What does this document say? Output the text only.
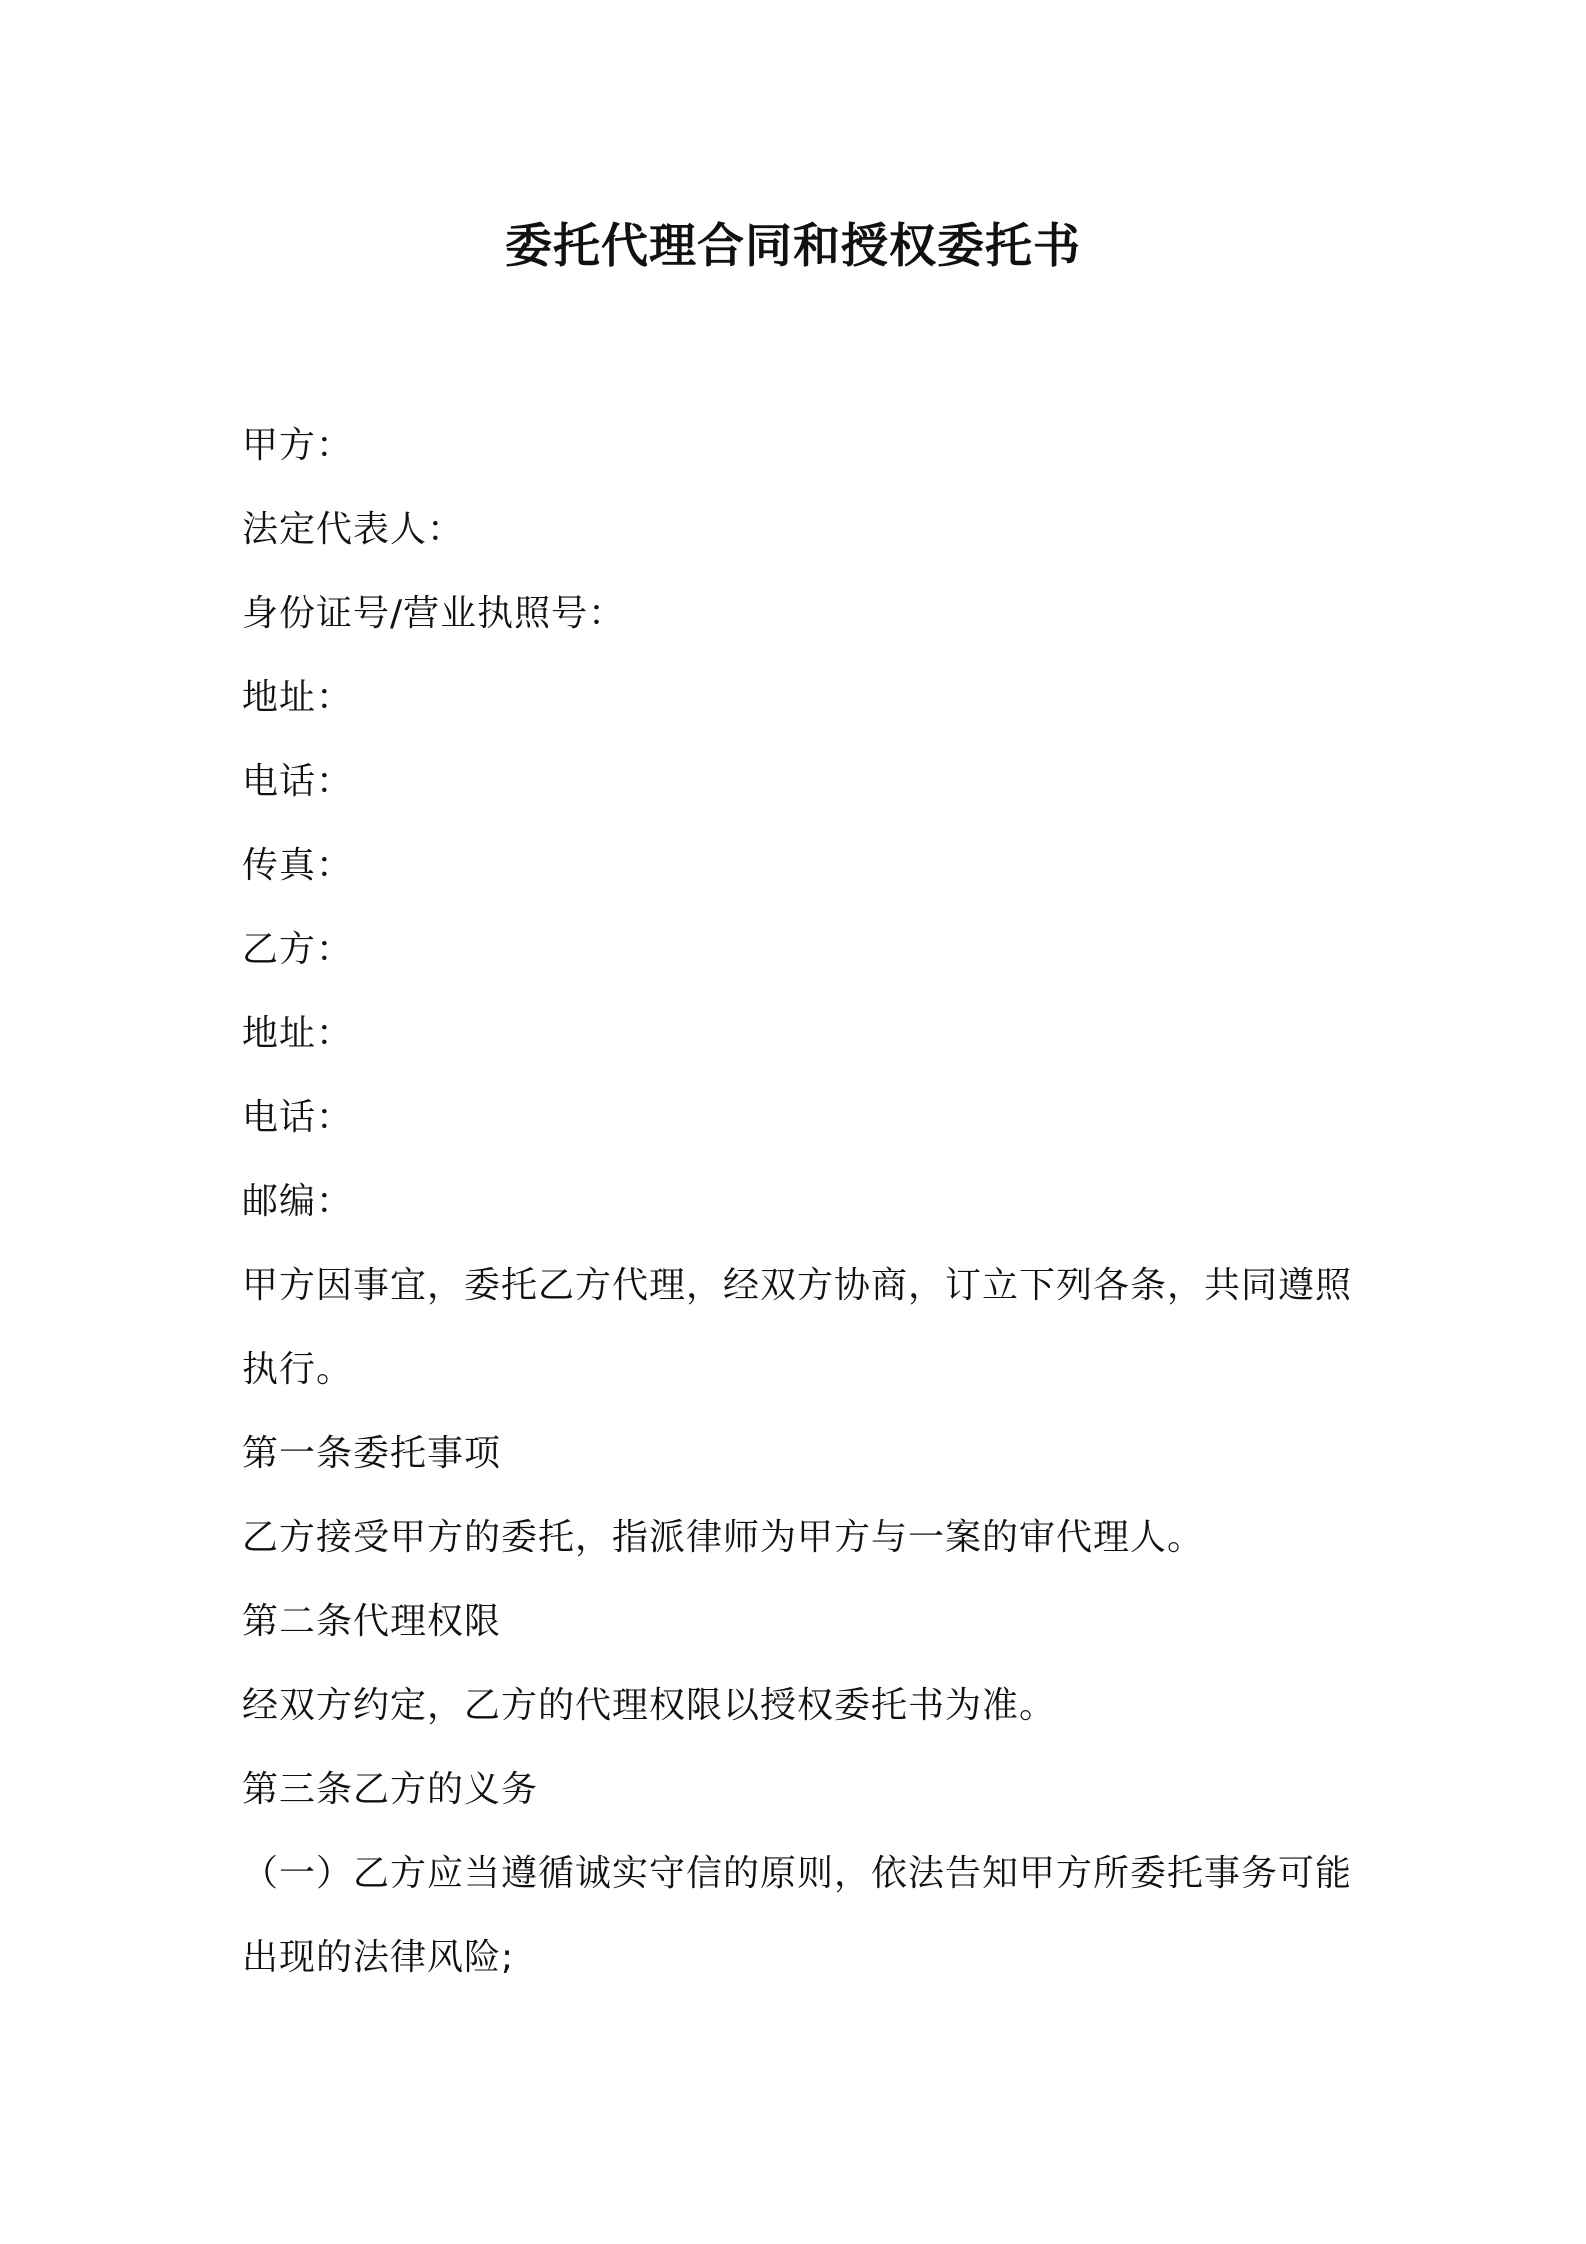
委托代理合同和授权委托书

甲方：

法定代表人：

身份证号/营业执照号：

地址：

电话：

传真：

乙方：

地址：

电话：

邮编：

甲方因事宜，委托乙方代理，经双方协商，订立下列各条，共同遵照

执行。

第一条委托事项

乙方接受甲方的委托，指派律师为甲方与一案的审代理人。

第二条代理权限

经双方约定，乙方的代理权限以授权委托书为准。

第三条乙方的义务

（一）乙方应当遵循诚实守信的原则，依法告知甲方所委托事务可能

出现的法律风险;
